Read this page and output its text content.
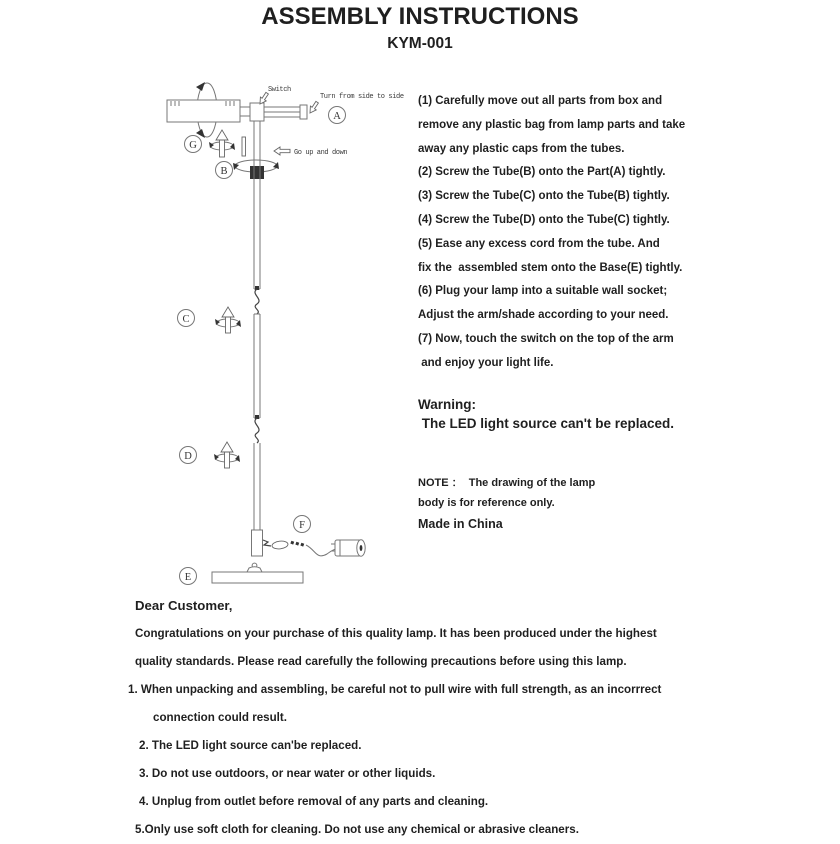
ASSEMBLY INSTRUCTIONS
KYM-001
Switch
Turn from side to side
A
G
B
Go up and down
C
D
F
E
(1) Carefully move out all parts from box and
remove any plastic bag from lamp parts and take
away any plastic caps from the tubes.
(2) Screw the Tube(B) onto the Part(A) tightly.
(3) Screw the Tube(C) onto the Tube(B) tightly.
(4) Screw the Tube(D) onto the Tube(C) tightly.
(5) Ease any excess cord from the tube. And
fix the  assembled stem onto the Base(E) tightly.
(6) Plug your lamp into a suitable wall socket;
Adjust the arm/shade according to your need.
(7) Now, touch the switch on the top of the arm
and enjoy your light life.
Warning:
The LED light source can't be replaced.
NOTE ：  The drawing of the lamp
body is for reference only.
Made in China
Dear Customer,
Congratulations on your purchase of this quality lamp. It has been produced under the highest
quality standards. Please read carefully the following precautions before using this lamp.
1. When unpacking and assembling, be careful not to pull wire with full strength, as an incorrrect
connection could result.
2. The LED light source can'be replaced.
3. Do not use outdoors, or near water or other liquids.
4. Unplug from outlet before removal of any parts and cleaning.
5.Only use soft cloth for cleaning. Do not use any chemical or abrasive cleaners.
